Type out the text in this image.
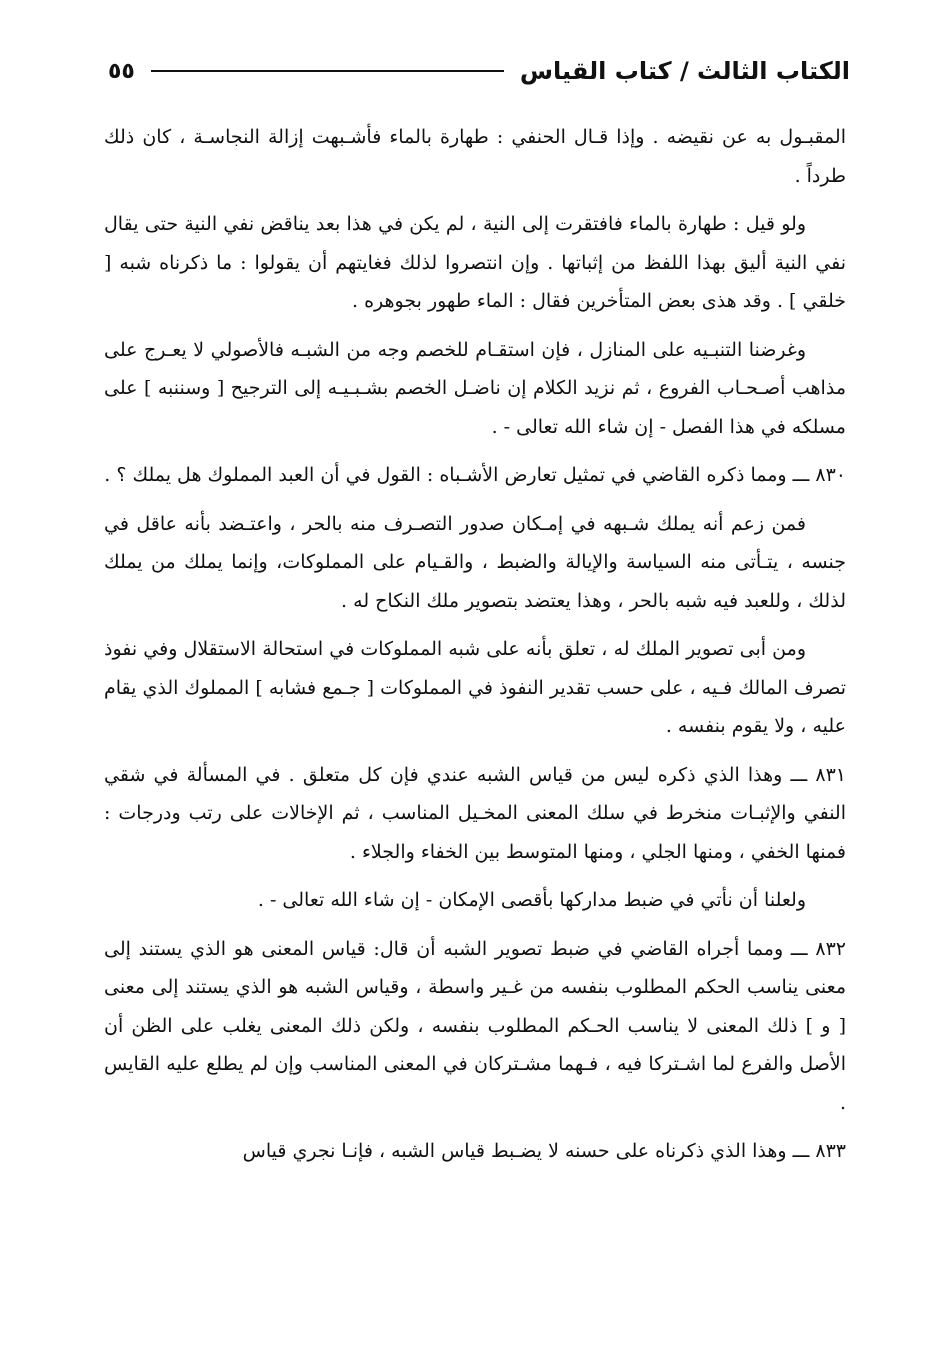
الكتاب الثالث / كتاب القياس
٥٥

المقبـول به عن نقيضه . وإذا قـال الحنفي : طهارة بالماء فأشـبهت إزالة النجاسـة ، كان ذلك طرداً .

ولو قيل : طهارة بالماء فافتقرت إلى النية ، لم يكن في هذا بعد يناقض نفي النية حتى يقال نفي النية أليق بهذا اللفظ من إثباتها . وإن انتصروا لذلك فغايتهم أن يقولوا : ما ذكرناه شبه [ خلقي ] . وقد هذى بعض المتأخرين فقال : الماء طهور بجوهره .

وغرضنا التنبـيه على المنازل ، فإن استقـام للخصم وجه من الشبـه فالأصولي لا يعـرج على مذاهب أصـحـاب الفروع ، ثم نزيد الكلام إن ناضـل الخصم بشـبـيـه إلى الترجيح [ وسننبه ] على مسلكه في هذا الفصل - إن شاء الله تعالى - .

٨٣٠ ـــ ومما ذكره القاضي في تمثيل تعارض الأشـباه : القول في أن العبد المملوك هل يملك ؟ .

فمن زعم أنه يملك شـبهه في إمـكان صدور التصـرف منه بالحر ، واعتـضد بأنه عاقل في جنسه ، يتـأتى منه السياسة والإيالة والضبط ، والقـيام على المملوكات، وإنما يملك من يملك لذلك ، وللعبد فيه شبه بالحر ، وهذا يعتضد بتصوير ملك النكاح له .

ومن أبى تصوير الملك له ، تعلق بأنه على شبه المملوكات في استحالة الاستقلال وفي نفوذ تصرف المالك فـيه ، على حسب تقدير النفوذ في المملوكات [ جـمع فشابه ] المملوك الذي يقام عليه ، ولا يقوم بنفسه .

٨٣١ ـــ وهذا الذي ذكره ليس من قياس الشبه عندي فإن كل متعلق . في المسألة في شقي النفي والإثبـات منخرط في سلك المعنى المخـيل المناسب ، ثم الإخالات على رتب ودرجات : فمنها الخفي ، ومنها الجلي ، ومنها المتوسط بين الخفاء والجلاء .

ولعلنا أن نأتي في ضبط مداركها بأقصى الإمكان - إن شاء الله تعالى - .

٨٣٢ ـــ ومما أجراه القاضي في ضبط تصوير الشبه أن قال: قياس المعنى هو الذي يستند إلى معنى يناسب الحكم المطلوب بنفسه من غـير واسطة ، وقياس الشبه هو الذي يستند إلى معنى [ و ] ذلك المعنى لا يناسب الحـكم المطلوب بنفسه ، ولكن ذلك المعنى يغلب على الظن أن الأصل والفرع لما اشـتركا فيه ، فـهما مشـتركان في المعنى المناسب وإن لم يطلع عليه القايس .

٨٣٣ ـــ وهذا الذي ذكرناه على حسنه لا يضـبط قياس الشبه ، فإنـا نجري قياس
